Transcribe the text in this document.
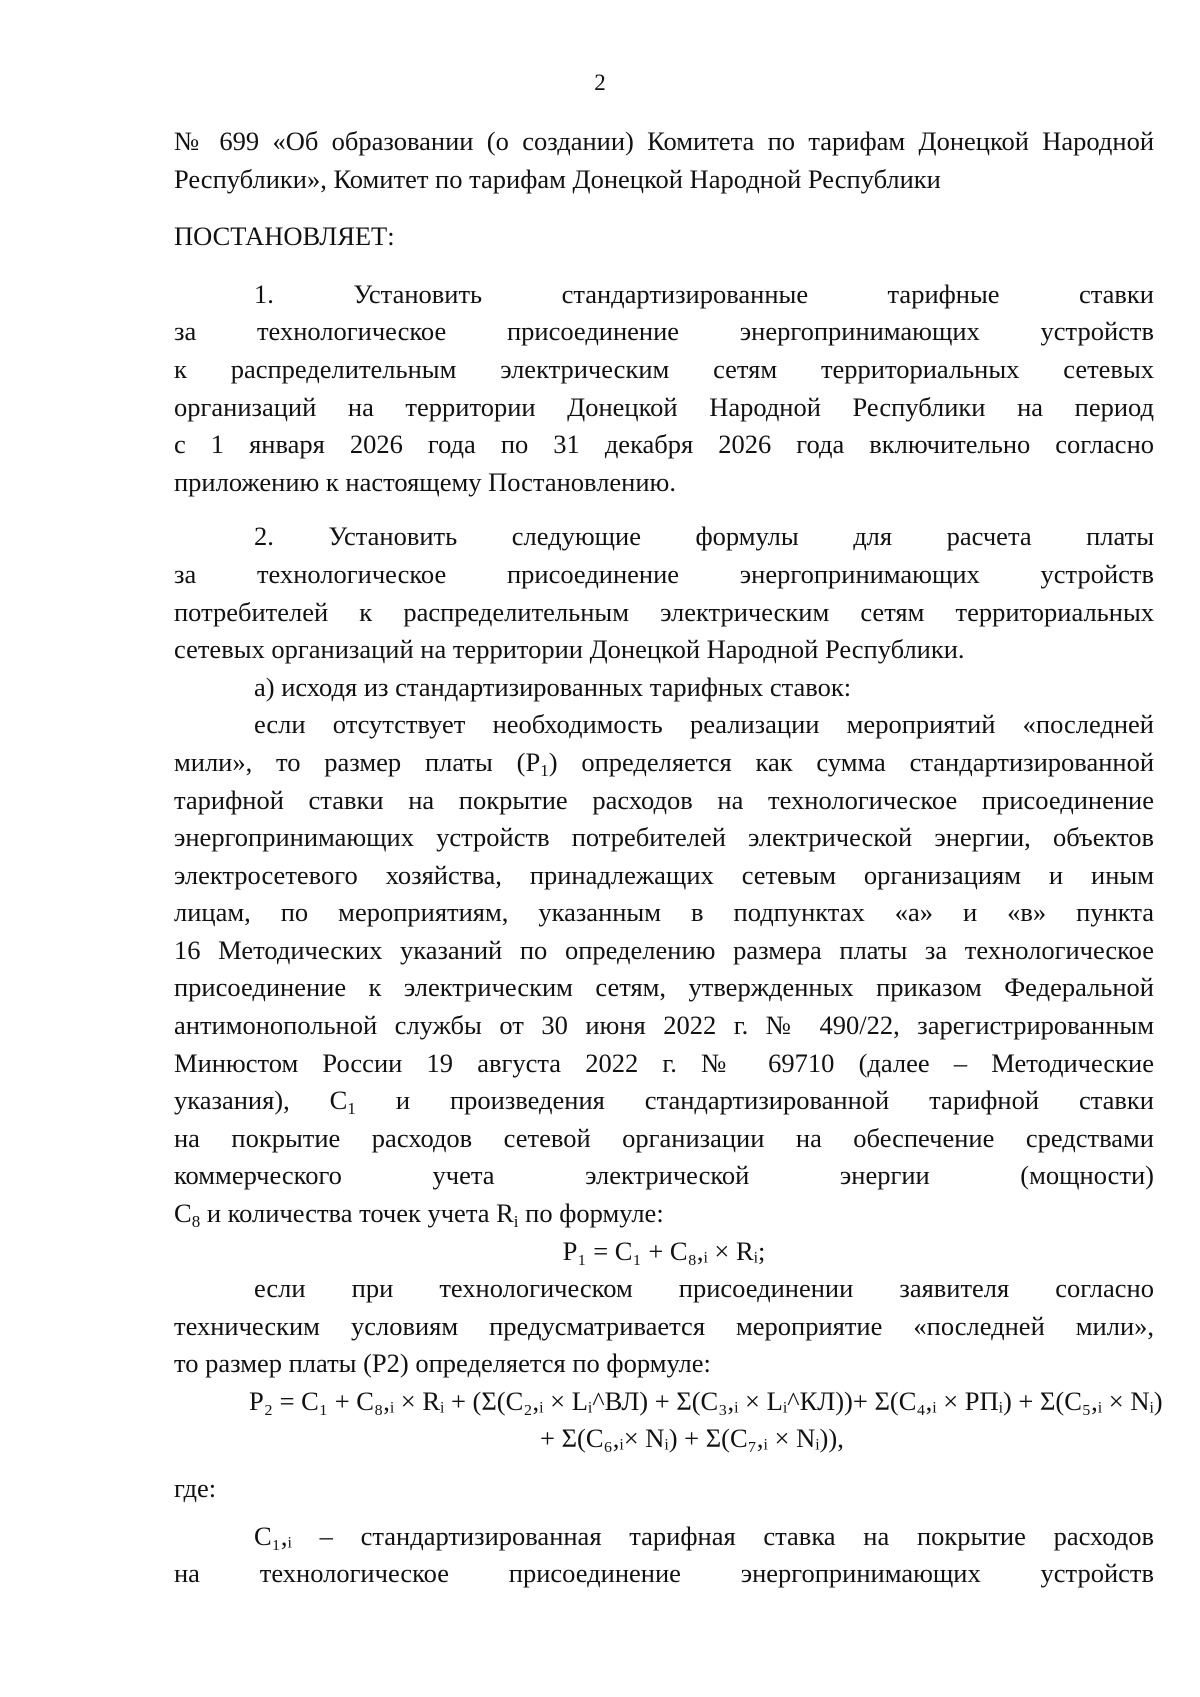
2
№ 699 «Об образовании (о создании) Комитета по тарифам Донецкой Народной
Республики», Комитет по тарифам Донецкой Народной Республики
ПОСТАНОВЛЯЕТ:
1. Установить стандартизированные тарифные ставки
за технологическое присоединение энергопринимающих устройств
к распределительным электрическим сетям территориальных сетевых
организаций на территории Донецкой Народной Республики на период
с 1 января 2026 года по 31 декабря 2026 года включительно согласно
приложению к настоящему Постановлению.
2. Установить следующие формулы для расчета платы
за технологическое присоединение энергопринимающих устройств
потребителей к распределительным электрическим сетям территориальных
сетевых организаций на территории Донецкой Народной Республики.
а) исходя из стандартизированных тарифных ставок:
если отсутствует необходимость реализации мероприятий «последней
мили», то размер платы $(P_1)$ определяется как сумма стандартизированной
тарифной ставки на покрытие расходов на технологическое присоединение
энергопринимающих устройств потребителей электрической энергии, объектов
электросетевого хозяйства, принадлежащих сетевым организациям и иным
лицам, по мероприятиям, указанным в подпунктах «а» и «в» пункта
16 Методических указаний по определению размера платы за технологическое
присоединение к электрическим сетям, утвержденных приказом Федеральной
антимонопольной службы от 30 июня 2022 г. № 490/22, зарегистрированным
Минюстом России 19 августа 2022 г. № 69710 (далее – Методические
указания), $С_1$ и произведения стандартизированной тарифной ставки
на покрытие расходов сетевой организации на обеспечение средствами
коммерческого учета электрической энергии (мощности)
$С_8$ и количества точек учета $R_i$ по формуле:
P₁ = C₁ + C₈,ᵢ × Rᵢ;
если при технологическом присоединении заявителя согласно
техническим условиям предусматривается мероприятие «последней мили»,
то размер платы (P2) определяется по формуле:
P₂ = C₁ + C₈,ᵢ × Rᵢ + (Σ(C₂,ᵢ × Lᵢ^ВЛ) + Σ(C₃,ᵢ × Lᵢ^КЛ))+ Σ(C₄,ᵢ × РПᵢ) + Σ(C₅,ᵢ × Nᵢ)
+ Σ(C₆,ᵢ× Nᵢ) + Σ(C₇,ᵢ × Nᵢ)),
где:
С₁,ᵢ – стандартизированная тарифная ставка на покрытие расходов
на технологическое присоединение энергопринимающих устройств
